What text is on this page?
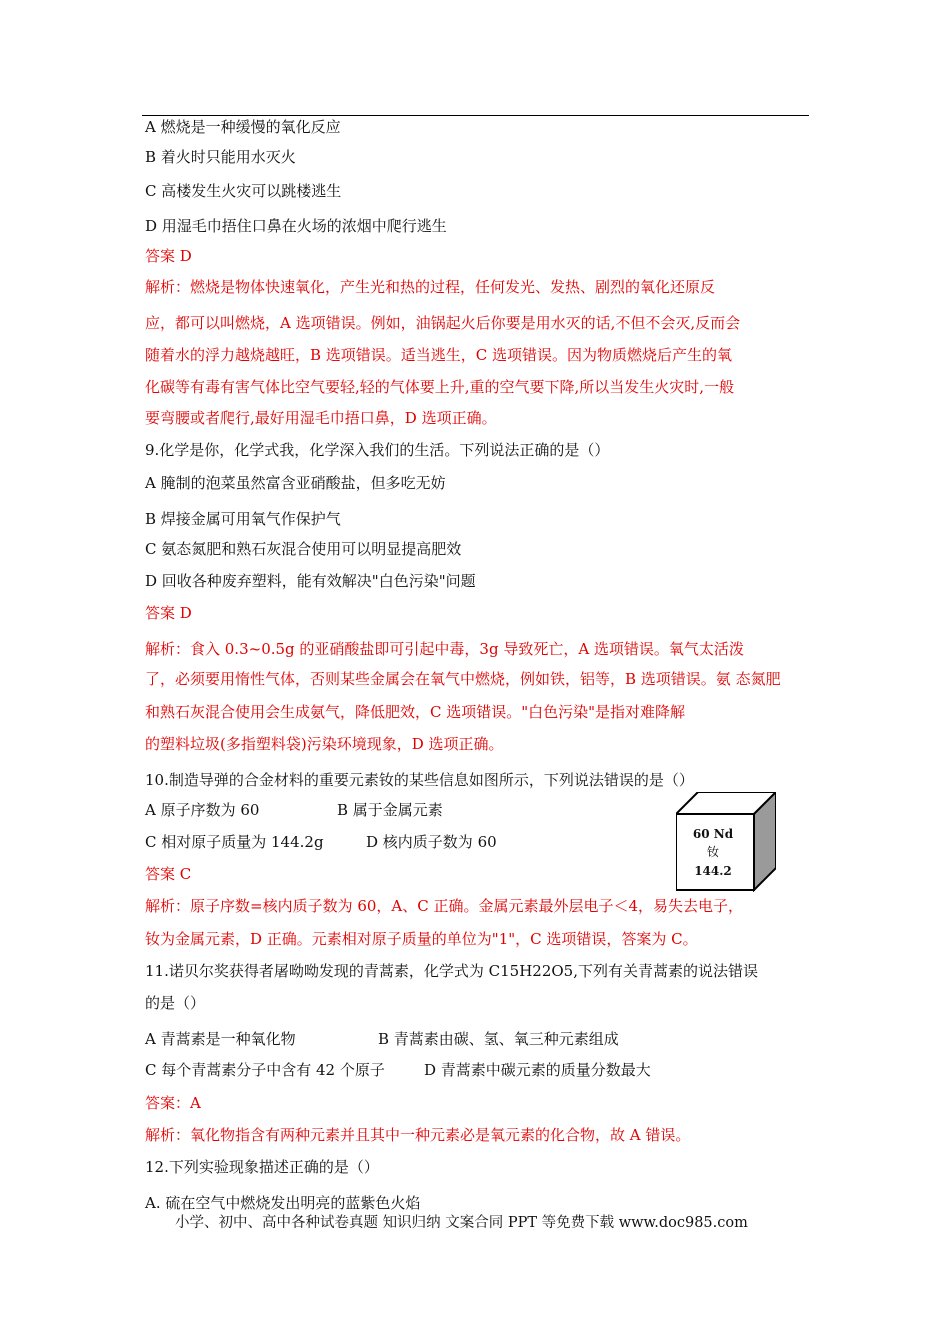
A 燃烧是一种缓慢的氧化反应
B 着火时只能用水灭火
C 高楼发生火灾可以跳楼逃生
D 用湿毛巾捂住口鼻在火场的浓烟中爬行逃生
答案 D
解析：燃烧是物体快速氧化，产生光和热的过程，任何发光、发热、剧烈的氧化还原反
应，都可以叫燃烧，A 选项错误。例如，油锅起火后你要是用水灭的话,不但不会灭,反而会
随着水的浮力越烧越旺，B 选项错误。适当逃生，C 选项错误。因为物质燃烧后产生的氧
化碳等有毒有害气体比空气要轻,轻的气体要上升,重的空气要下降,所以当发生火灾时,一般
要弯腰或者爬行,最好用湿毛巾捂口鼻，D 选项正确。
9.化学是你，化学式我，化学深入我们的生活。下列说法正确的是（）
A 腌制的泡菜虽然富含亚硝酸盐，但多吃无妨
B 焊接金属可用氧气作保护气
C 氨态氮肥和熟石灰混合使用可以明显提高肥效
D 回收各种废弃塑料，能有效解决"白色污染"问题
答案 D
解析：食入 0.3~0.5g 的亚硝酸盐即可引起中毒，3g 导致死亡，A 选项错误。氧气太活泼
了，必须要用惰性气体，否则某些金属会在氧气中燃烧，例如铁，铝等，B 选项错误。氨 态氮肥
和熟石灰混合使用会生成氨气，降低肥效，C 选项错误。"白色污染"是指对难降解
的塑料垃圾(多指塑料袋)污染环境现象，D 选项正确。
10.制造导弹的合金材料的重要元素钕的某些信息如图所示，下列说法错误的是（）
A 原子序数为 60	B 属于金属元素
C 相对原子质量为 144.2g	D 核内质子数为 60
答案 C
60 Nd
钕
144.2
解析：原子序数=核内质子数为 60，A、C 正确。金属元素最外层电子＜4，易失去电子，
钕为金属元素，D 正确。元素相对原子质量的单位为"1"，C 选项错误，答案为 C。
11.诺贝尔奖获得者屠呦呦发现的青蒿素，化学式为 C15H22O5,下列有关青蒿素的说法错误
的是（）
A 青蒿素是一种氧化物	B 青蒿素由碳、氢、氧三种元素组成
C 每个青蒿素分子中含有 42 个原子	D 青蒿素中碳元素的质量分数最大
答案：A
解析：氧化物指含有两种元素并且其中一种元素必是氧元素的化合物，故 A 错误。
12.下列实验现象描述正确的是（）
A. 硫在空气中燃烧发出明亮的蓝紫色火焰
小学、初中、高中各种试卷真题 知识归纳 文案合同 PPT 等免费下载 www.doc985.com
